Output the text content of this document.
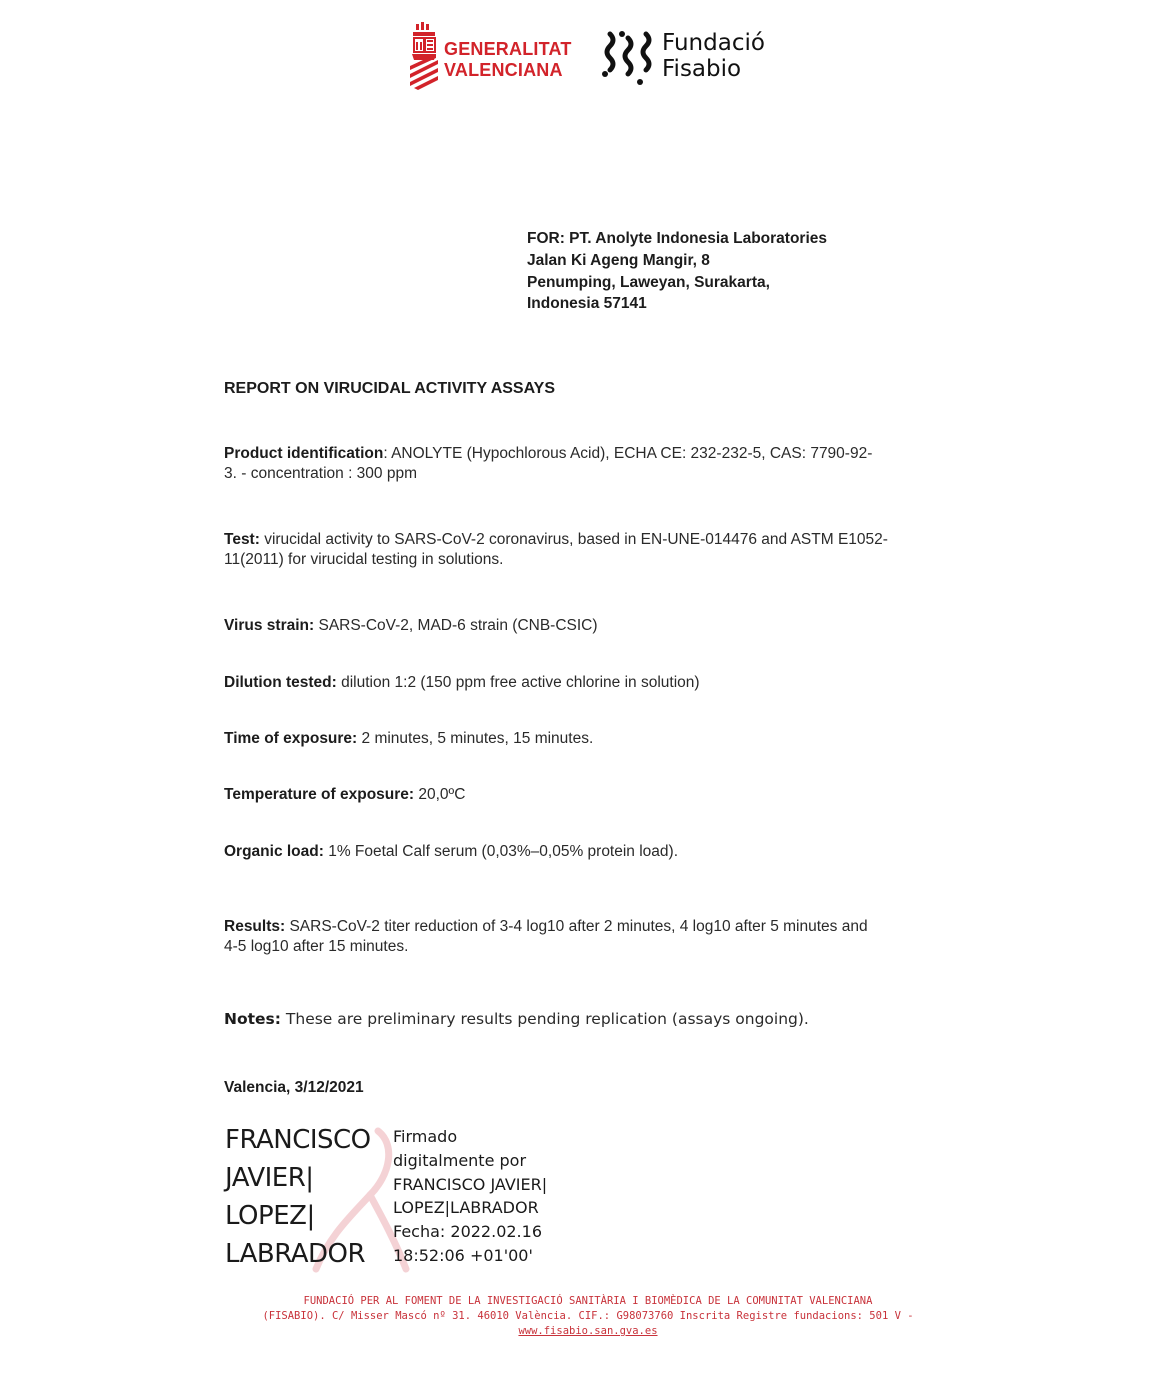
GENERALITAT
VALENCIANA
Fundació
Fisabio
FOR: PT. Anolyte Indonesia Laboratories
Jalan Ki Ageng Mangir, 8
Penumping, Laweyan, Surakarta,
Indonesia 57141
REPORT ON VIRUCIDAL ACTIVITY ASSAYS
Product identification: ANOLYTE (Hypochlorous Acid), ECHA CE: 232-232-5, CAS: 7790-92-
3. - concentration : 300 ppm
Test: virucidal activity to SARS-CoV-2 coronavirus, based in EN-UNE-014476 and ASTM E1052-
11(2011) for virucidal testing in solutions.
Virus strain: SARS-CoV-2, MAD-6 strain (CNB-CSIC)
Dilution tested: dilution 1:2 (150 ppm free active chlorine in solution)
Time of exposure: 2 minutes, 5 minutes, 15 minutes.
Temperature of exposure: 20,0ºC
Organic load: 1% Foetal Calf serum (0,03%–0,05% protein load).
Results: SARS-CoV-2 titer reduction of 3-4 log10 after 2 minutes, 4 log10 after 5 minutes and
4-5 log10 after 15 minutes.
Notes: These are preliminary results pending replication (assays ongoing).
Valencia, 3/12/2021
FRANCISCO
JAVIER|
LOPEZ|
LABRADOR
Firmado
digitalmente por
FRANCISCO JAVIER|
LOPEZ|LABRADOR
Fecha: 2022.02.16
18:52:06 +01'00'
FUNDACIÓ PER AL FOMENT DE LA INVESTIGACIÓ SANITÀRIA I BIOMÈDICA DE LA COMUNITAT VALENCIANA
(FISABIO). C/ Misser Mascó nº 31. 46010 València. CIF.: G98073760 Inscrita Registre fundacions: 501 V -
www.fisabio.san.gva.es
